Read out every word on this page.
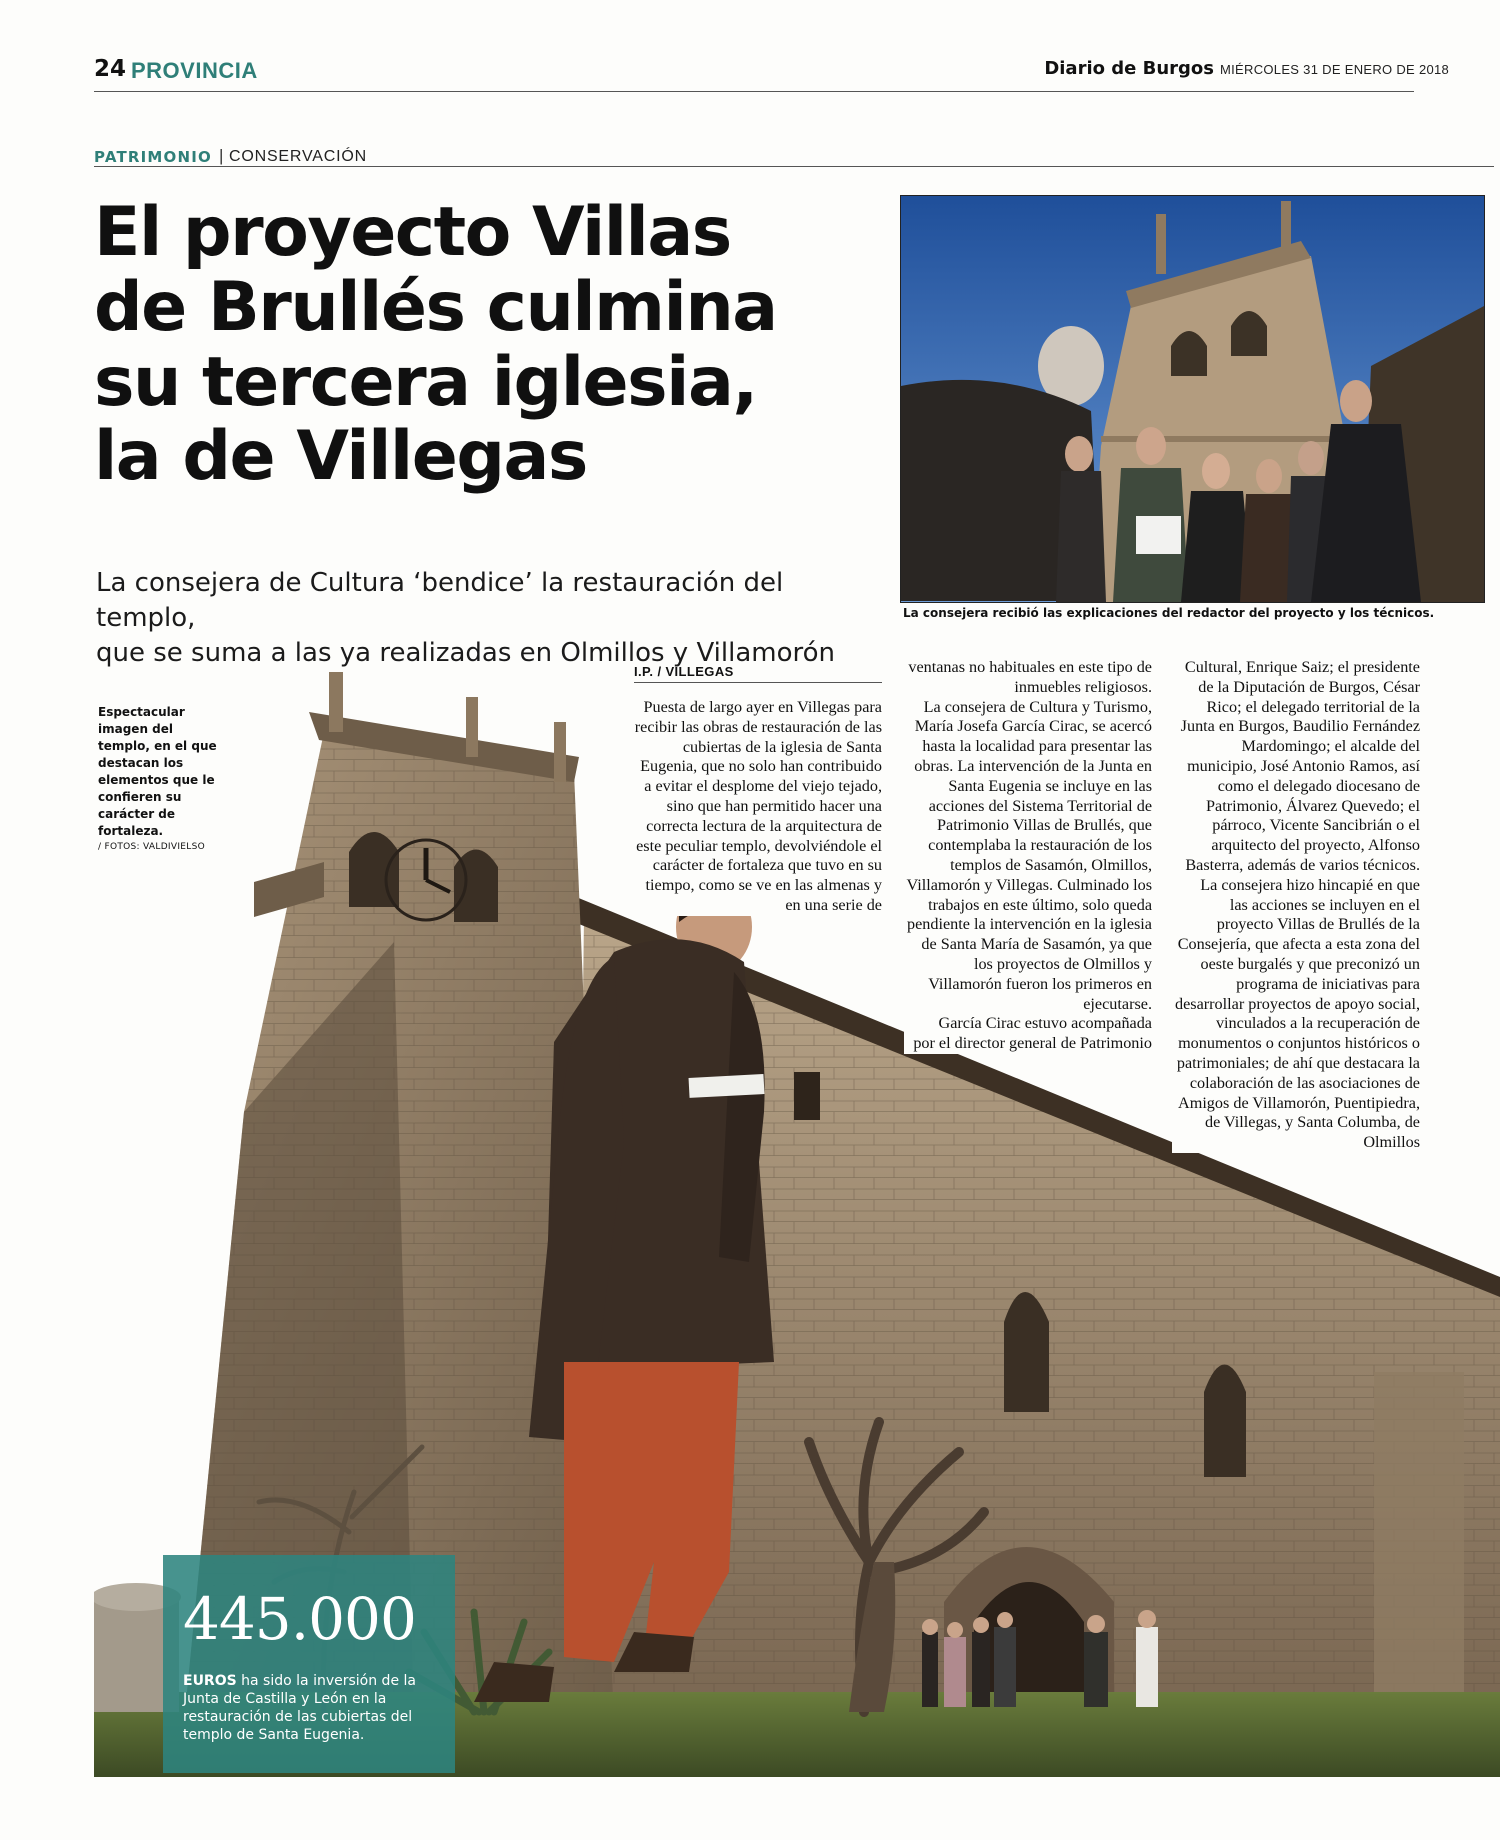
24 PROVINCIA	Diario de Burgos MIÉRCOLES 31 DE ENERO DE 2018
PATRIMONIO | CONSERVACIÓN
El proyecto Villas
de Brullés culmina
su tercera iglesia,
la de Villegas

La consejera de Cultura ‘bendice’ la restauración del templo,
que se suma a las ya realizadas en Olmillos y Villamorón

La consejera recibió las explicaciones del redactor del proyecto y los técnicos.
Espectacular imagen del templo, en el que destacan los elementos que le confieren su carácter de fortaleza.
/ FOTOS: VALDIVIELSO
445.000
EUROS ha sido la inversión de la Junta de Castilla y León en la restauración de las cubiertas del templo de Santa Eugenia.
I.P. / VILLEGAS

Puesta de largo ayer en Villegas para recibir las obras de restauración de las cubiertas de la iglesia de Santa Eugenia, que no solo han contribuido a evitar el desplome del viejo tejado, sino que han permitido hacer una correcta lectura de la arquitectura de este peculiar templo, devolviéndole el carácter de fortaleza que tuvo en su tiempo, como se ve en las almenas y en una serie de

ventanas no habituales en este tipo de inmuebles religiosos.

La consejera de Cultura y Turismo, María Josefa García Cirac, se acercó hasta la localidad para presentar las obras. La intervención de la Junta en Santa Eugenia se incluye en las acciones del Sistema Territorial de Patrimonio Villas de Brullés, que contemplaba la restauración de los templos de Sasamón, Olmillos, Villamorón y Villegas. Culminado los trabajos en este último, solo queda pendiente la intervención en la iglesia de Santa María de Sasamón, ya que los proyectos de Olmillos y Villamorón fueron los primeros en ejecutarse.

García Cirac estuvo acompañada por el director general de Patrimonio

Cultural, Enrique Saiz; el presidente de la Diputación de Burgos, César Rico; el delegado territorial de la Junta en Burgos, Baudilio Fernández Mardomingo; el alcalde del municipio, José Antonio Ramos, así como el delegado diocesano de Patrimonio, Álvarez Quevedo; el párroco, Vicente Sancibrián o el arquitecto del proyecto, Alfonso Basterra, además de varios técnicos.

La consejera hizo hincapié en que las acciones se incluyen en el proyecto Villas de Brullés de la Consejería, que afecta a esta zona del oeste burgalés y que preconizó un programa de iniciativas para desarrollar proyectos de apoyo social, vinculados a la recuperación de monumentos o conjuntos históricos o patrimoniales; de ahí que destacara la colaboración de las asociaciones de Amigos de Villamorón, Puentipiedra, de Villegas, y Santa Columba, de Olmillos
